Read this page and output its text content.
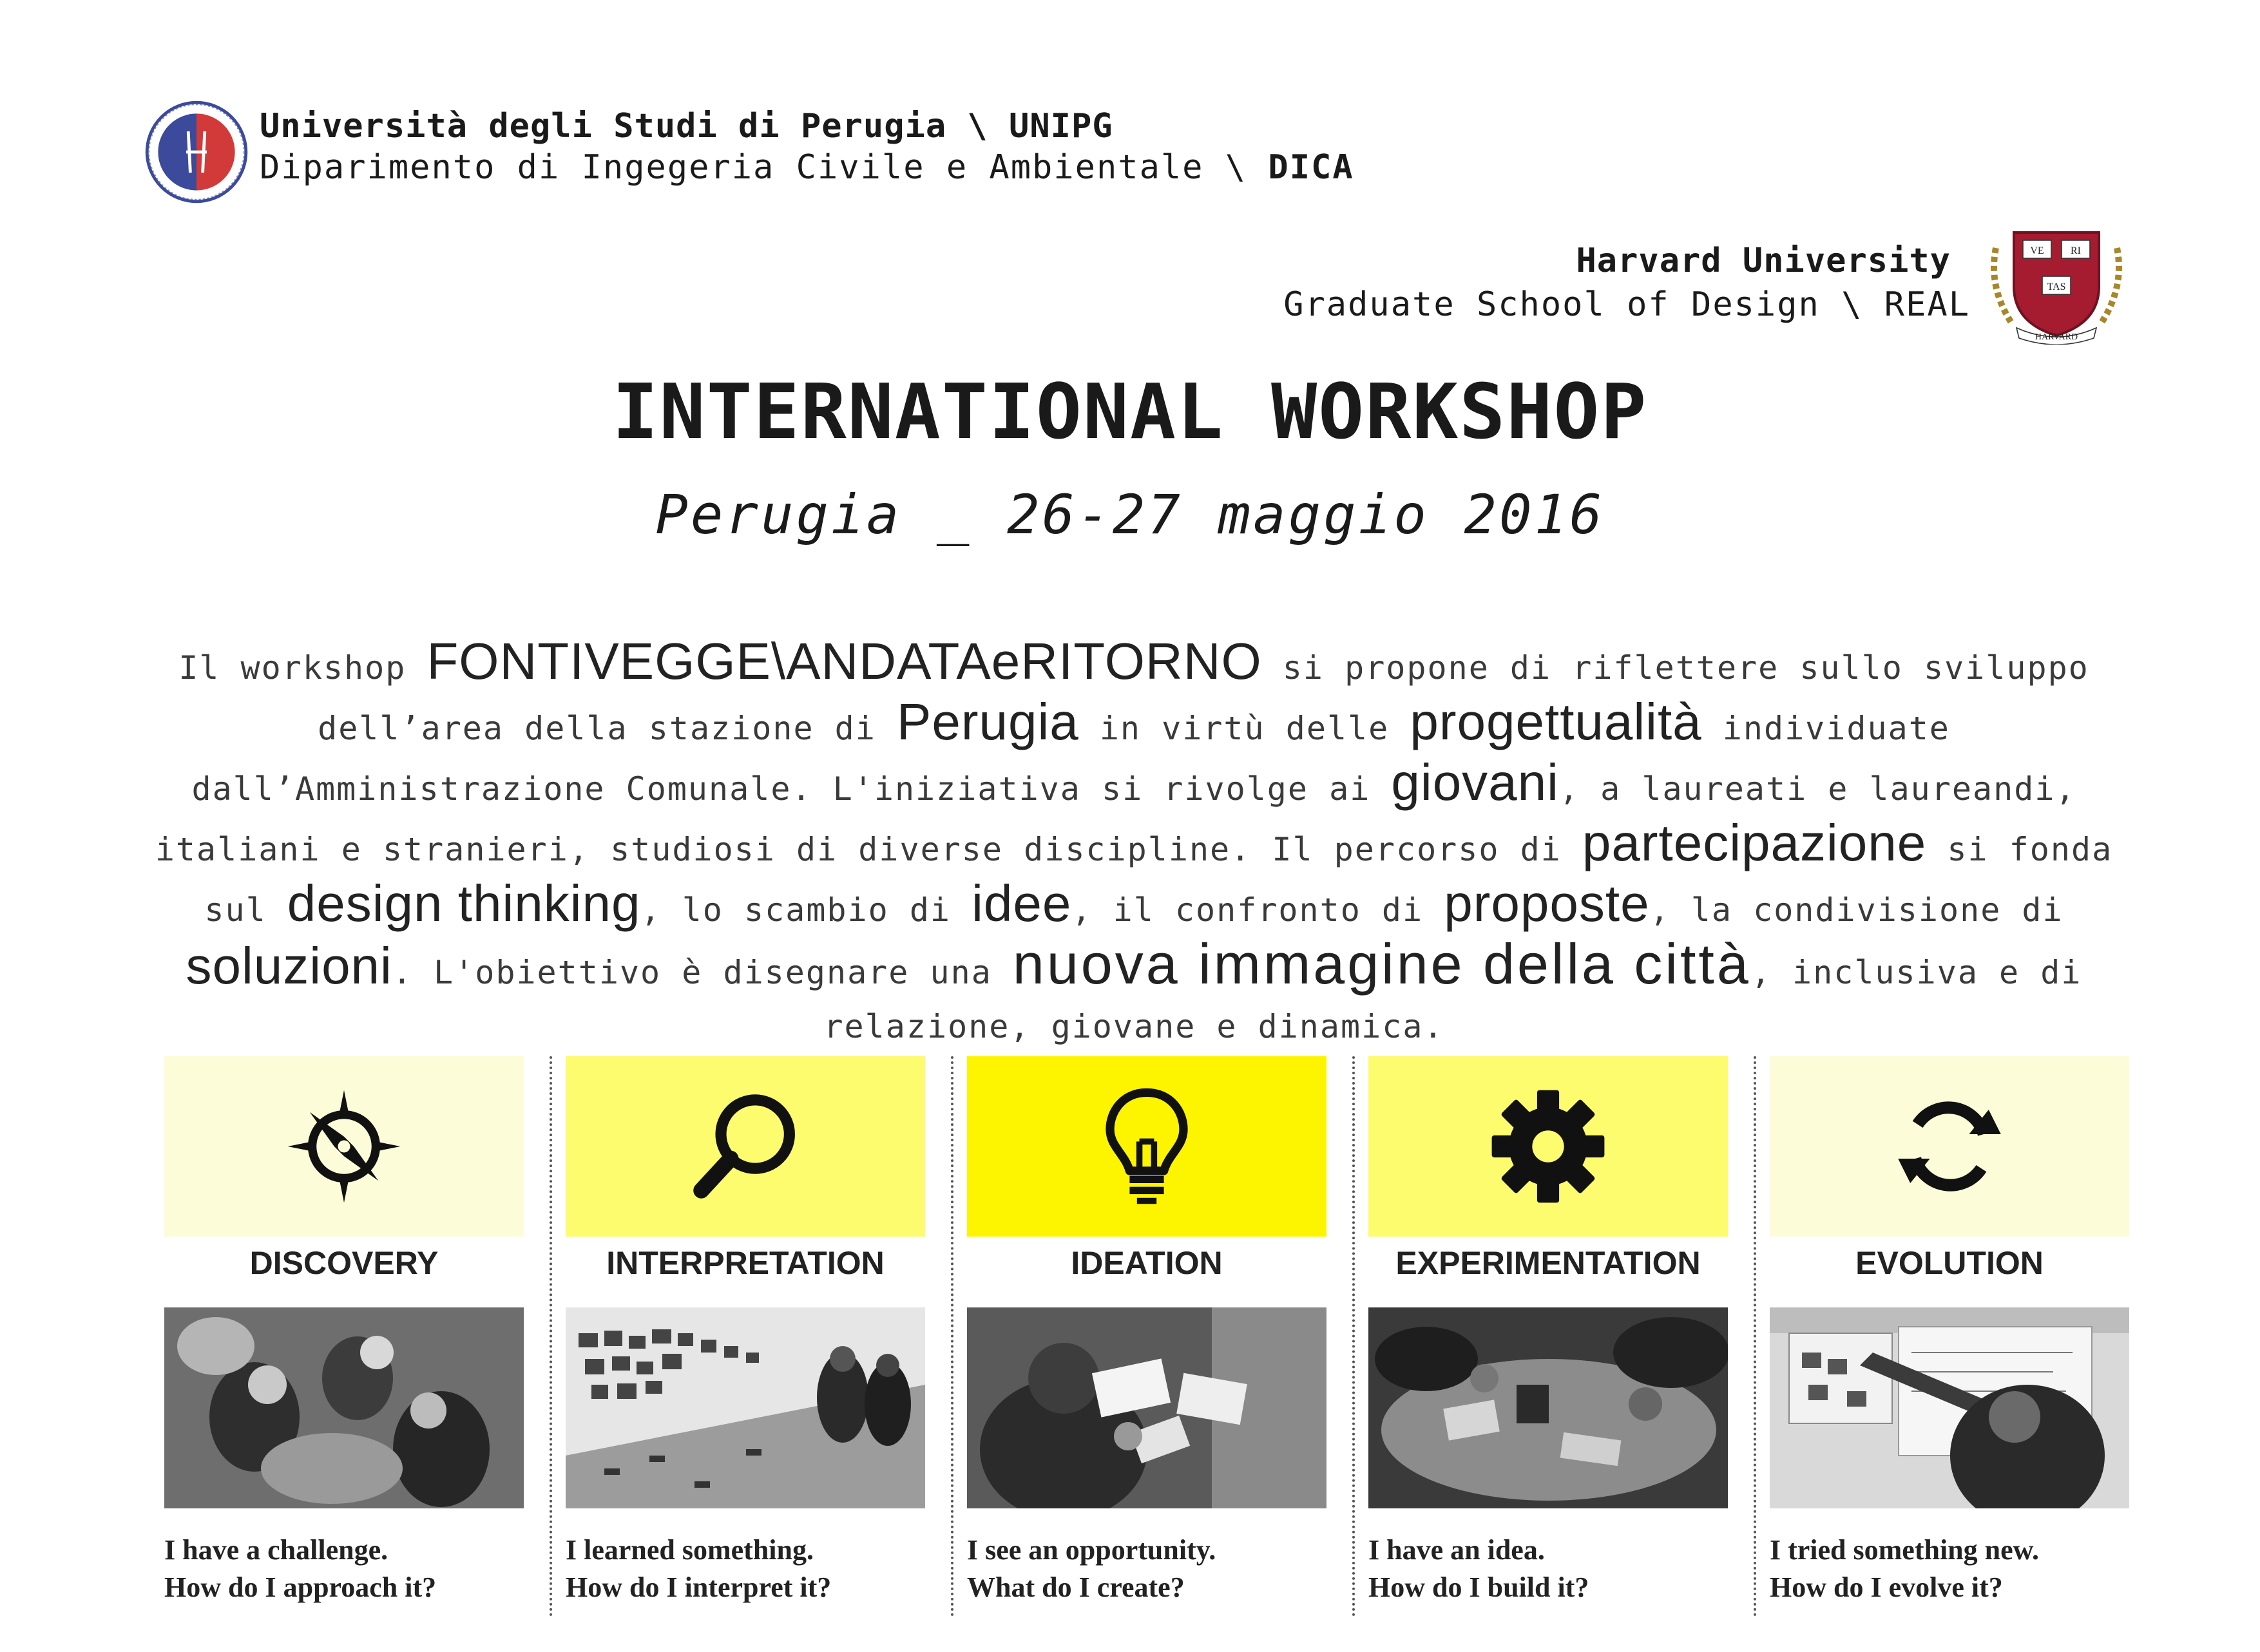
Università degli Studi di Perugia \ UNIPG
Diparimento di Ingegeria Civile e Ambientale \ DICA
Harvard University
Graduate School of Design \ REAL
VE	RI
TAS
HARVARD
INTERNATIONAL WORKSHOP
Perugia _ 26-27 maggio 2016
Il workshop FONTIVEGGE\ANDATAeRITORNO si propone di riflettere sullo sviluppo dell’area della stazione di Perugia in virtù delle progettualità individuate dall’Amministrazione Comunale. L'iniziativa si rivolge ai giovani, a laureati e laureandi, italiani e stranieri, studiosi di diverse discipline. Il percorso di partecipazione si fonda sul design thinking, lo scambio di idee, il confronto di proposte, la condivisione di soluzioni. L'obiettivo è disegnare una nuova immagine della città, inclusiva e di relazione, giovane e dinamica.
DISCOVERY
I have a challenge.
How do I approach it?
INTERPRETATION
I learned something.
How do I interpret it?
IDEATION
I see an opportunity.
What do I create?
EXPERIMENTATION
I have an idea.
How do I build it?
EVOLUTION
I tried something new.
How do I evolve it?
